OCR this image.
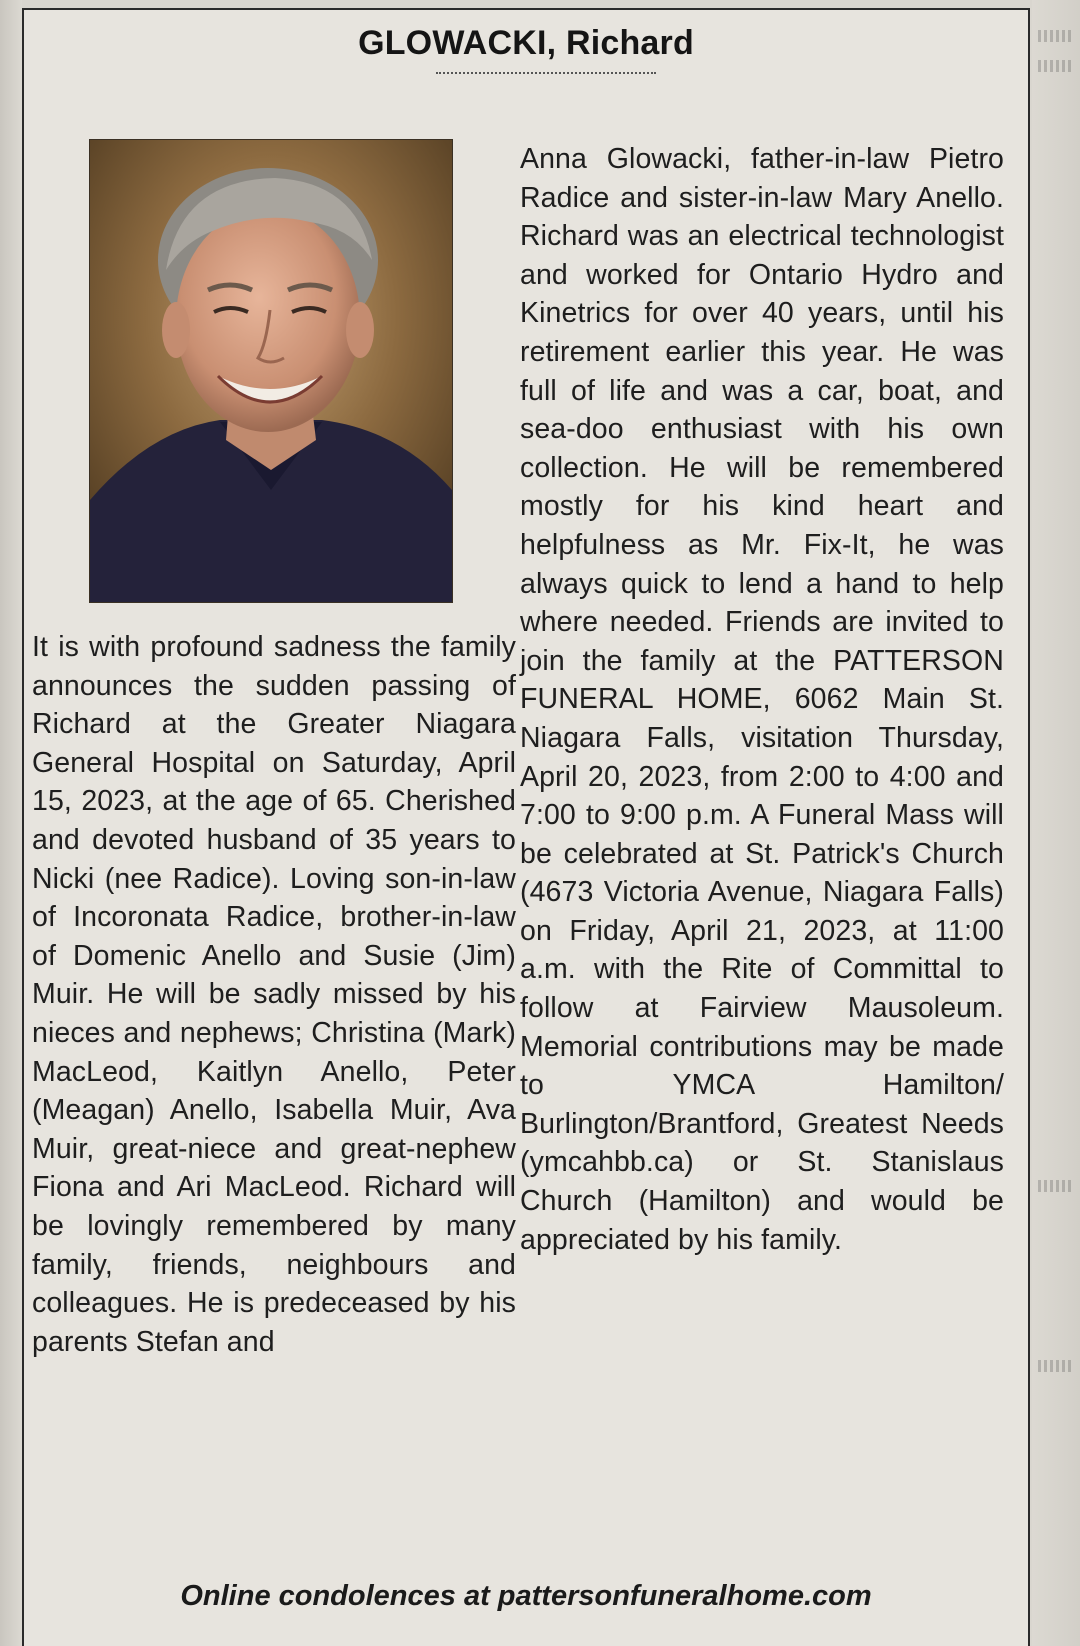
GLOWACKI, Richard

It is with profound sadness the family announces the sudden passing of Richard at the Greater Niagara General Hospital on Saturday, April 15, 2023, at the age of 65. Cherished and devoted husband of 35 years to Nicki (nee Radice). Loving son-in-law of Incoronata Radice, brother-in-law of Domenic Anello and Susie (Jim) Muir. He will be sadly missed by his nieces and nephews; Christina (Mark) MacLeod, Kaitlyn Anello, Peter (Meagan) Anello, Isabella Muir, Ava Muir, great-niece and great-nephew Fiona and Ari MacLeod. Richard will be lovingly remembered by many family, friends, neighbours and colleagues. He is predeceased by his parents Stefan and

Anna Glowacki, father-in-law Pietro Radice and sister-in-law Mary Anello. Richard was an electrical technologist and worked for Ontario Hydro and Kinetrics for over 40 years, until his retirement earlier this year. He was full of life and was a car, boat, and sea-doo enthusiast with his own collection. He will be remembered mostly for his kind heart and helpfulness as Mr. Fix-It, he was always quick to lend a hand to help where needed. Friends are invited to join the family at the PATTERSON FUNERAL HOME, 6062 Main St. Niagara Falls, visitation Thursday, April 20, 2023, from 2:00 to 4:00 and 7:00 to 9:00 p.m. A Funeral Mass will be celebrated at St. Patrick's Church (4673 Victoria Avenue, Niagara Falls) on Friday, April 21, 2023, at 11:00 a.m. with the Rite of Committal to follow at Fairview Mausoleum. Memorial contributions may be made to YMCA Hamilton/ Burlington/Brantford, Greatest Needs (ymcahbb.ca) or St. Stanislaus Church (Hamilton) and would be appreciated by his family.

Online condolences at pattersonfuneralhome.com
